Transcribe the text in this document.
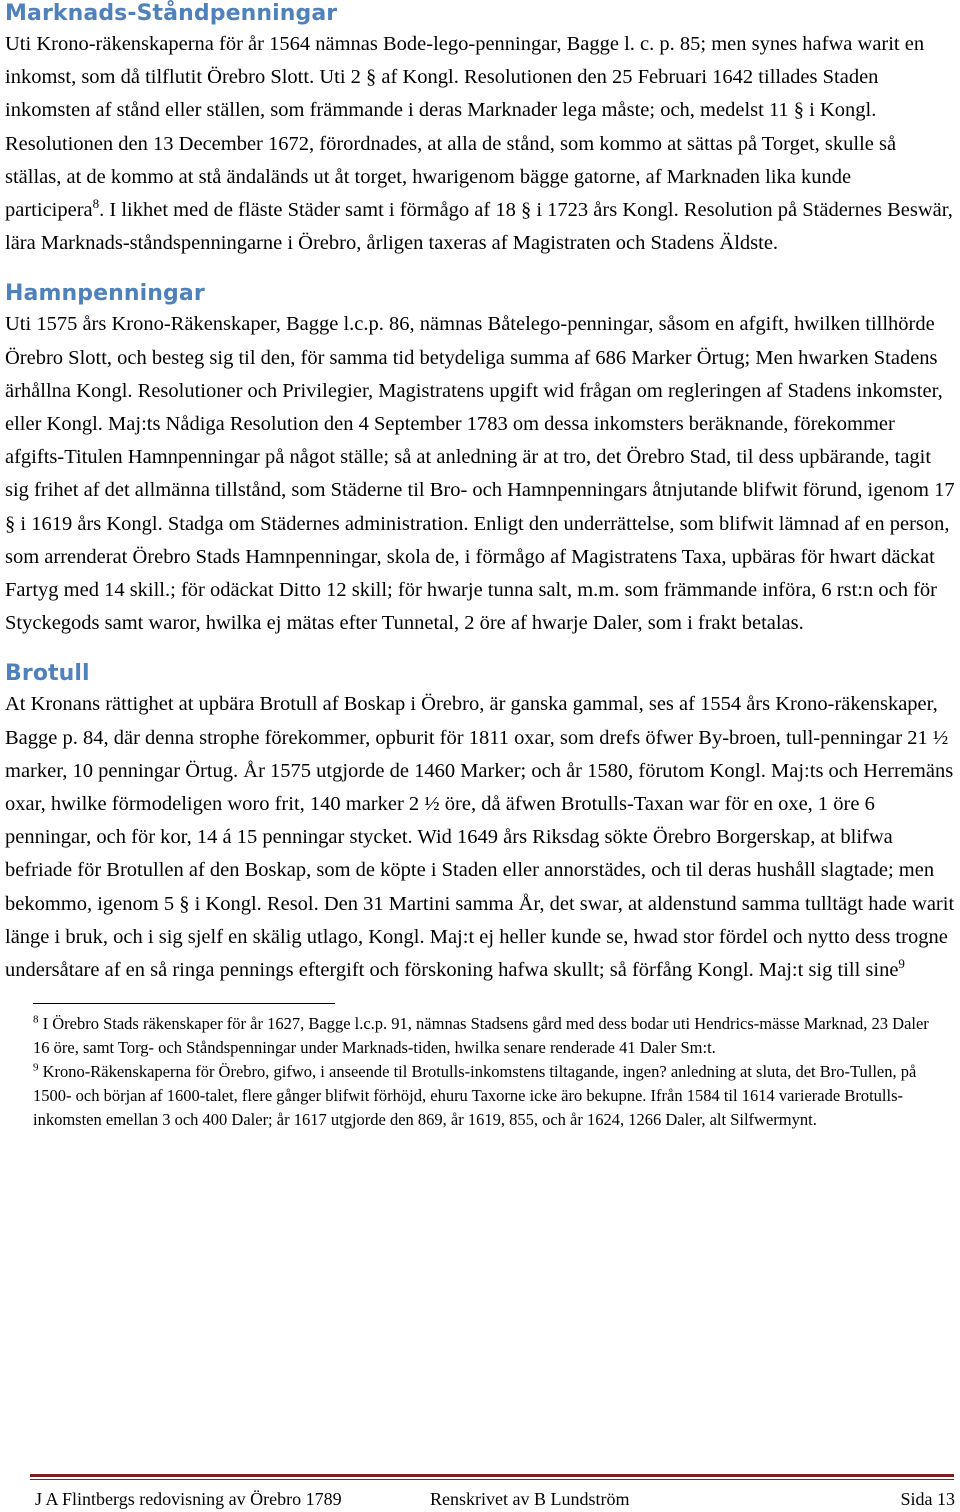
Marknads-Ståndpenningar

Uti Krono-räkenskaperna för år 1564 nämnas Bode-lego-penningar, Bagge l. c. p. 85; men synes hafwa warit en inkomst, som då tilflutit Örebro Slott. Uti 2 § af Kongl. Resolutionen den 25 Februari 1642 tillades Staden inkomsten af stånd eller ställen, som främmande i deras Marknader lega måste; och, medelst 11 § i Kongl. Resolutionen den 13 December 1672, förordnades, at alla de stånd, som kommo at sättas på Torget, skulle så ställas, at de kommo at stå ändaländs ut åt torget, hwarigenom bägge gatorne, af Marknaden lika kunde participera$^8$. I likhet med de fläste Städer samt i förmågo af 18 § i 1723 års Kongl. Resolution på Städernes Beswär, lära Marknads-ståndspenningarne i Örebro, årligen taxeras af Magistraten och Stadens Äldste.

Hamnpenningar

Uti 1575 års Krono-Räkenskaper, Bagge l.c.p. 86, nämnas Båtelego-penningar, såsom en afgift, hwilken tillhörde Örebro Slott, och besteg sig til den, för samma tid betydeliga summa af 686 Marker Örtug; Men hwarken Stadens ärhållna Kongl. Resolutioner och Privilegier, Magistratens upgift wid frågan om regleringen af Stadens inkomster, eller Kongl. Maj:ts Nådiga Resolution den 4 September 1783 om dessa inkomsters beräknande, förekommer afgifts-Titulen Hamnpenningar på något ställe; så at anledning är at tro, det Örebro Stad, til dess upbärande, tagit sig frihet af det allmänna tillstånd, som Städerne til Bro- och Hamnpenningars åtnjutande blifwit förund, igenom 17 § i 1619 års Kongl. Stadga om Städernes administration. Enligt den underrättelse, som blifwit lämnad af en person, som arrenderat Örebro Stads Hamnpenningar, skola de, i förmågo af Magistratens Taxa, upbäras för hwart däckat Fartyg med 14 skill.; för odäckat Ditto 12 skill; för hwarje tunna salt, m.m. som främmande införa, 6 rst:n och för Styckegods samt waror, hwilka ej mätas efter Tunnetal, 2 öre af hwarje Daler, som i frakt betalas.

Brotull

At Kronans rättighet at upbära Brotull af Boskap i Örebro, är ganska gammal, ses af 1554 års Krono-räkenskaper, Bagge p. 84, där denna strophe förekommer, opburit för 1811 oxar, som drefs öfwer By-broen, tull-penningar 21 ½ marker, 10 penningar Örtug. År 1575 utgjorde de 1460 Marker; och år 1580, förutom Kongl. Maj:ts och Herremäns oxar, hwilke förmodeligen woro frit, 140 marker 2 ½ öre, då äfwen Brotulls-Taxan war för en oxe, 1 öre 6 penningar, och för kor, 14 á 15 penningar stycket. Wid 1649 års Riksdag sökte Örebro Borgerskap, at blifwa befriade för Brotullen af den Boskap, som de köpte i Staden eller annorstädes, och til deras hushåll slagtade; men bekommo, igenom 5 § i Kongl. Resol. Den 31 Martini samma År, det swar, at aldenstund samma tulltägt hade warit länge i bruk, och i sig sjelf en skälig utlago, Kongl. Maj:t ej heller kunde se, hwad stor fördel och nytto dess trogne undersåtare af en så ringa pennings eftergift och förskoning hafwa skullt; så förfång Kongl. Maj:t sig till sine$^9$

$^8$ I Örebro Stads räkenskaper för år 1627, Bagge l.c.p. 91, nämnas Stadsens gård med dess bodar uti Hendrics-mässe Marknad, 23 Daler 16 öre, samt Torg- och Ståndspenningar under Marknads-tiden, hwilka senare renderade 41 Daler Sm:t.

$^9$ Krono-Räkenskaperna för Örebro, gifwo, i anseende til Brotulls-inkomstens tiltagande, ingen? anledning at sluta, det Bro-Tullen, på 1500- och början af 1600-talet, flere gånger blifwit förhöjd, ehuru Taxorne icke äro bekupne. Ifrån 1584 til 1614 varierade Brotulls-inkomsten emellan 3 och 400 Daler; år 1617 utgjorde den 869, år 1619, 855, och år 1624, 1266 Daler, alt Silfwermynt.

J A Flintbergs redovisning av Örebro 1789	Renskrivet av B Lundström	Sida 13
